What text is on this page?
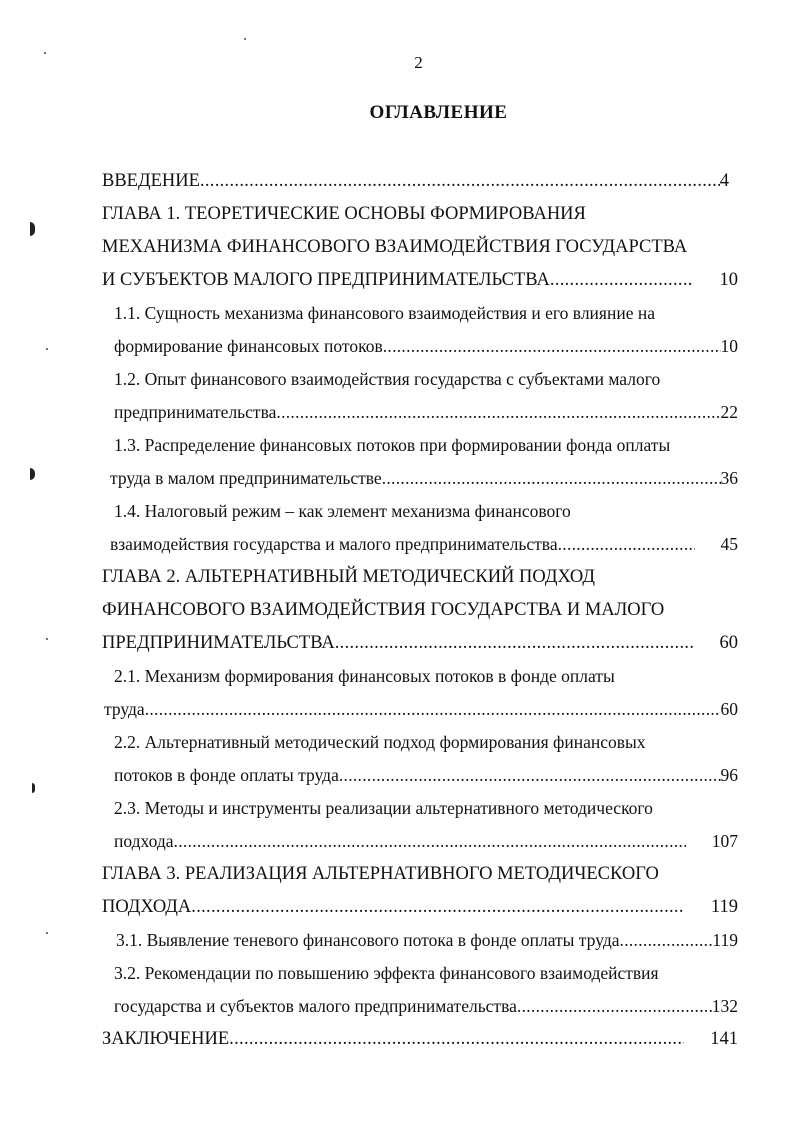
2
ОГЛАВЛЕНИЕ
ВВЕДЕНИЕ .....	4
ГЛАВА 1. ТЕОРЕТИЧЕСКИЕ ОСНОВЫ ФОРМИРОВАНИЯ
МЕХАНИЗМА ФИНАНСОВОГО ВЗАИМОДЕЙСТВИЯ ГОСУДАРСТВА
И СУБЪЕКТОВ МАЛОГО ПРЕДПРИНИМАТЕЛЬСТВА .....	10
1.1. Сущность механизма финансового взаимодействия и его влияние на
формирование финансовых потоков .....	10
1.2. Опыт финансового взаимодействия государства с субъектами малого
предпринимательства .....	22
1.3. Распределение финансовых потоков при формировании фонда оплаты
труда в малом предпринимательстве .....	36
1.4. Налоговый режим – как элемент механизма финансового
взаимодействия государства и малого предпринимательства .....	45
ГЛАВА 2. АЛЬТЕРНАТИВНЫЙ МЕТОДИЧЕСКИЙ ПОДХОД
ФИНАНСОВОГО ВЗАИМОДЕЙСТВИЯ ГОСУДАРСТВА И МАЛОГО
ПРЕДПРИНИМАТЕЛЬСТВА .....	60
2.1. Механизм формирования финансовых потоков в фонде оплаты
труда .....	60
2.2. Альтернативный методический подход формирования финансовых
потоков в фонде оплаты труда .....	96
2.3. Методы и инструменты реализации альтернативного методического
подхода .....	107
ГЛАВА 3. РЕАЛИЗАЦИЯ АЛЬТЕРНАТИВНОГО МЕТОДИЧЕСКОГО
ПОДХОДА .....	119
3.1. Выявление теневого финансового потока в фонде оплаты труда .....	119
3.2. Рекомендации по повышению эффекта финансового взаимодействия
государства и субъектов малого предпринимательства .....	132
ЗАКЛЮЧЕНИЕ .....	141
